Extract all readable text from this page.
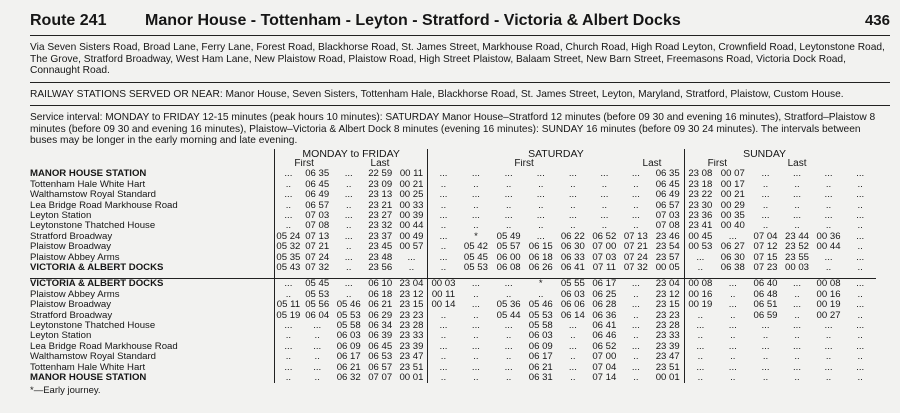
Route 241	Manor House - Tottenham - Leyton - Stratford - Victoria & Albert Docks	436
Via Seven Sisters Road, Broad Lane, Ferry Lane, Forest Road, Blackhorse Road, St. James Street, Markhouse Road, Church Road, High Road Leyton, Crownfield Road, Leytonstone Road, The Grove, Stratford Broadway, West Ham Lane, New Plaistow Road, Plaistow Road, High Street Plaistow, Balaam Street, New Barn Street, Freemasons Road, Victoria Dock Road, Connaught Road.
RAILWAY STATIONS SERVED OR NEAR: Manor House, Seven Sisters, Tottenham Hale, Blackhorse Road, St. James Street, Leyton, Maryland, Stratford, Plaistow, Custom House.
Service interval: MONDAY to FRIDAY 12-15 minutes (peak hours 10 minutes): SATURDAY Manor House–Stratford 12 minutes (before 09 30 and evening 16 minutes), Stratford–Plaistow 8 minutes (before 09 30 and evening 16 minutes), Plaistow–Victoria & Albert Dock 8 minutes (evening 16 minutes): SUNDAY 16 minutes (before 09 30 24 minutes). The intervals between buses may be longer in the early morning and late evening.
	MONDAY to FRIDAY					SATURDAY								SUNDAY					
	First		Last			First						Last		First		Last			
MANOR HOUSE STATION	...	06 35	...	22 59	00 11	...	...	...	...	...	...	...	06 35	23 08	00 07	...	...	...	...
Tottenham Hale White Hart	..	06 45	..	23 09	00 21	..	..	..	..	..	..	..	06 45	23 18	00 17	..	..	..	..
Walthamstow Royal Standard	...	06 49	...	23 13	00 25	...	...	...	...	...	...	...	06 49	23 22	00 21	...	...	...	...
Lea Bridge Road Markhouse Road	..	06 57	..	23 21	00 33	..	..	..	..	..	..	..	06 57	23 30	00 29	..	..	..	..
Leyton Station	...	07 03	...	23 27	00 39	...	...	...	...	...	...	...	07 03	23 36	00 35	...	...	...	...
Leytonstone Thatched House	..	07 08	..	23 32	00 44	..	..	..	..	..	..	..	07 08	23 41	00 40	..	..	..	..
Stratford Broadway	05 24	07 13	...	23 37	00 49	...	*	05 49	...	06 22	06 52	07 13	23 46	00 45	...	07 04	23 44	00 36	...
Plaistow Broadway	05 32	07 21	..	23 45	00 57	..	05 42	05 57	06 15	06 30	07 00	07 21	23 54	00 53	06 27	07 12	23 52	00 44	..
Plaistow Abbey Arms	05 35	07 24	...	23 48	...	...	05 45	06 00	06 18	06 33	07 03	07 24	23 57	...	06 30	07 15	23 55	...	...
VICTORIA & ALBERT DOCKS	05 43	07 32	..	23 56	..	..	05 53	06 08	06 26	06 41	07 11	07 32	00 05	..	06 38	07 23	00 03	..	..

VICTORIA & ALBERT DOCKS	...	05 45	...	06 10	23 04	00 03	...	...	*	05 55	06 17	...	23 04	00 08	...	06 40	...	00 08	...
Plaistow Abbey Arms	..	05 53	..	06 18	23 12	00 11	..	..	..	06 03	06 25	..	23 12	00 16	..	06 48	..	00 16	..
Plaistow Broadway	05 11	05 56	05 46	06 21	23 15	00 14	...	05 36	05 46	06 06	06 28	...	23 15	00 19	...	06 51	...	00 19	...
Stratford Broadway	05 19	06 04	05 53	06 29	23 23	..	..	05 44	05 53	06 14	06 36	..	23 23	..	..	06 59	..	00 27	..
Leytonstone Thatched House	...	...	05 58	06 34	23 28	...	...	...	05 58	...	06 41	...	23 28	...	...	...	...	...	...
Leyton Station	..	..	06 03	06 39	23 33	..	..	..	06 03	..	06 46	..	23 33	..	..	..	..	..	..
Lea Bridge Road Markhouse Road	...	...	06 09	06 45	23 39	...	...	...	06 09	...	06 52	...	23 39	...	...	...	...	...	...
Walthamstow Royal Standard	..	..	06 17	06 53	23 47	..	..	..	06 17	..	07 00	..	23 47	..	..	..	..	..	..
Tottenham Hale White Hart	...	...	06 21	06 57	23 51	...	...	...	06 21	...	07 04	...	23 51	...	...	...	...	...	...
MANOR HOUSE STATION	..	..	06 32	07 07	00 01	..	..	..	06 31	..	07 14	..	00 01	..	..	..	..	..	..
*—Early journey.
